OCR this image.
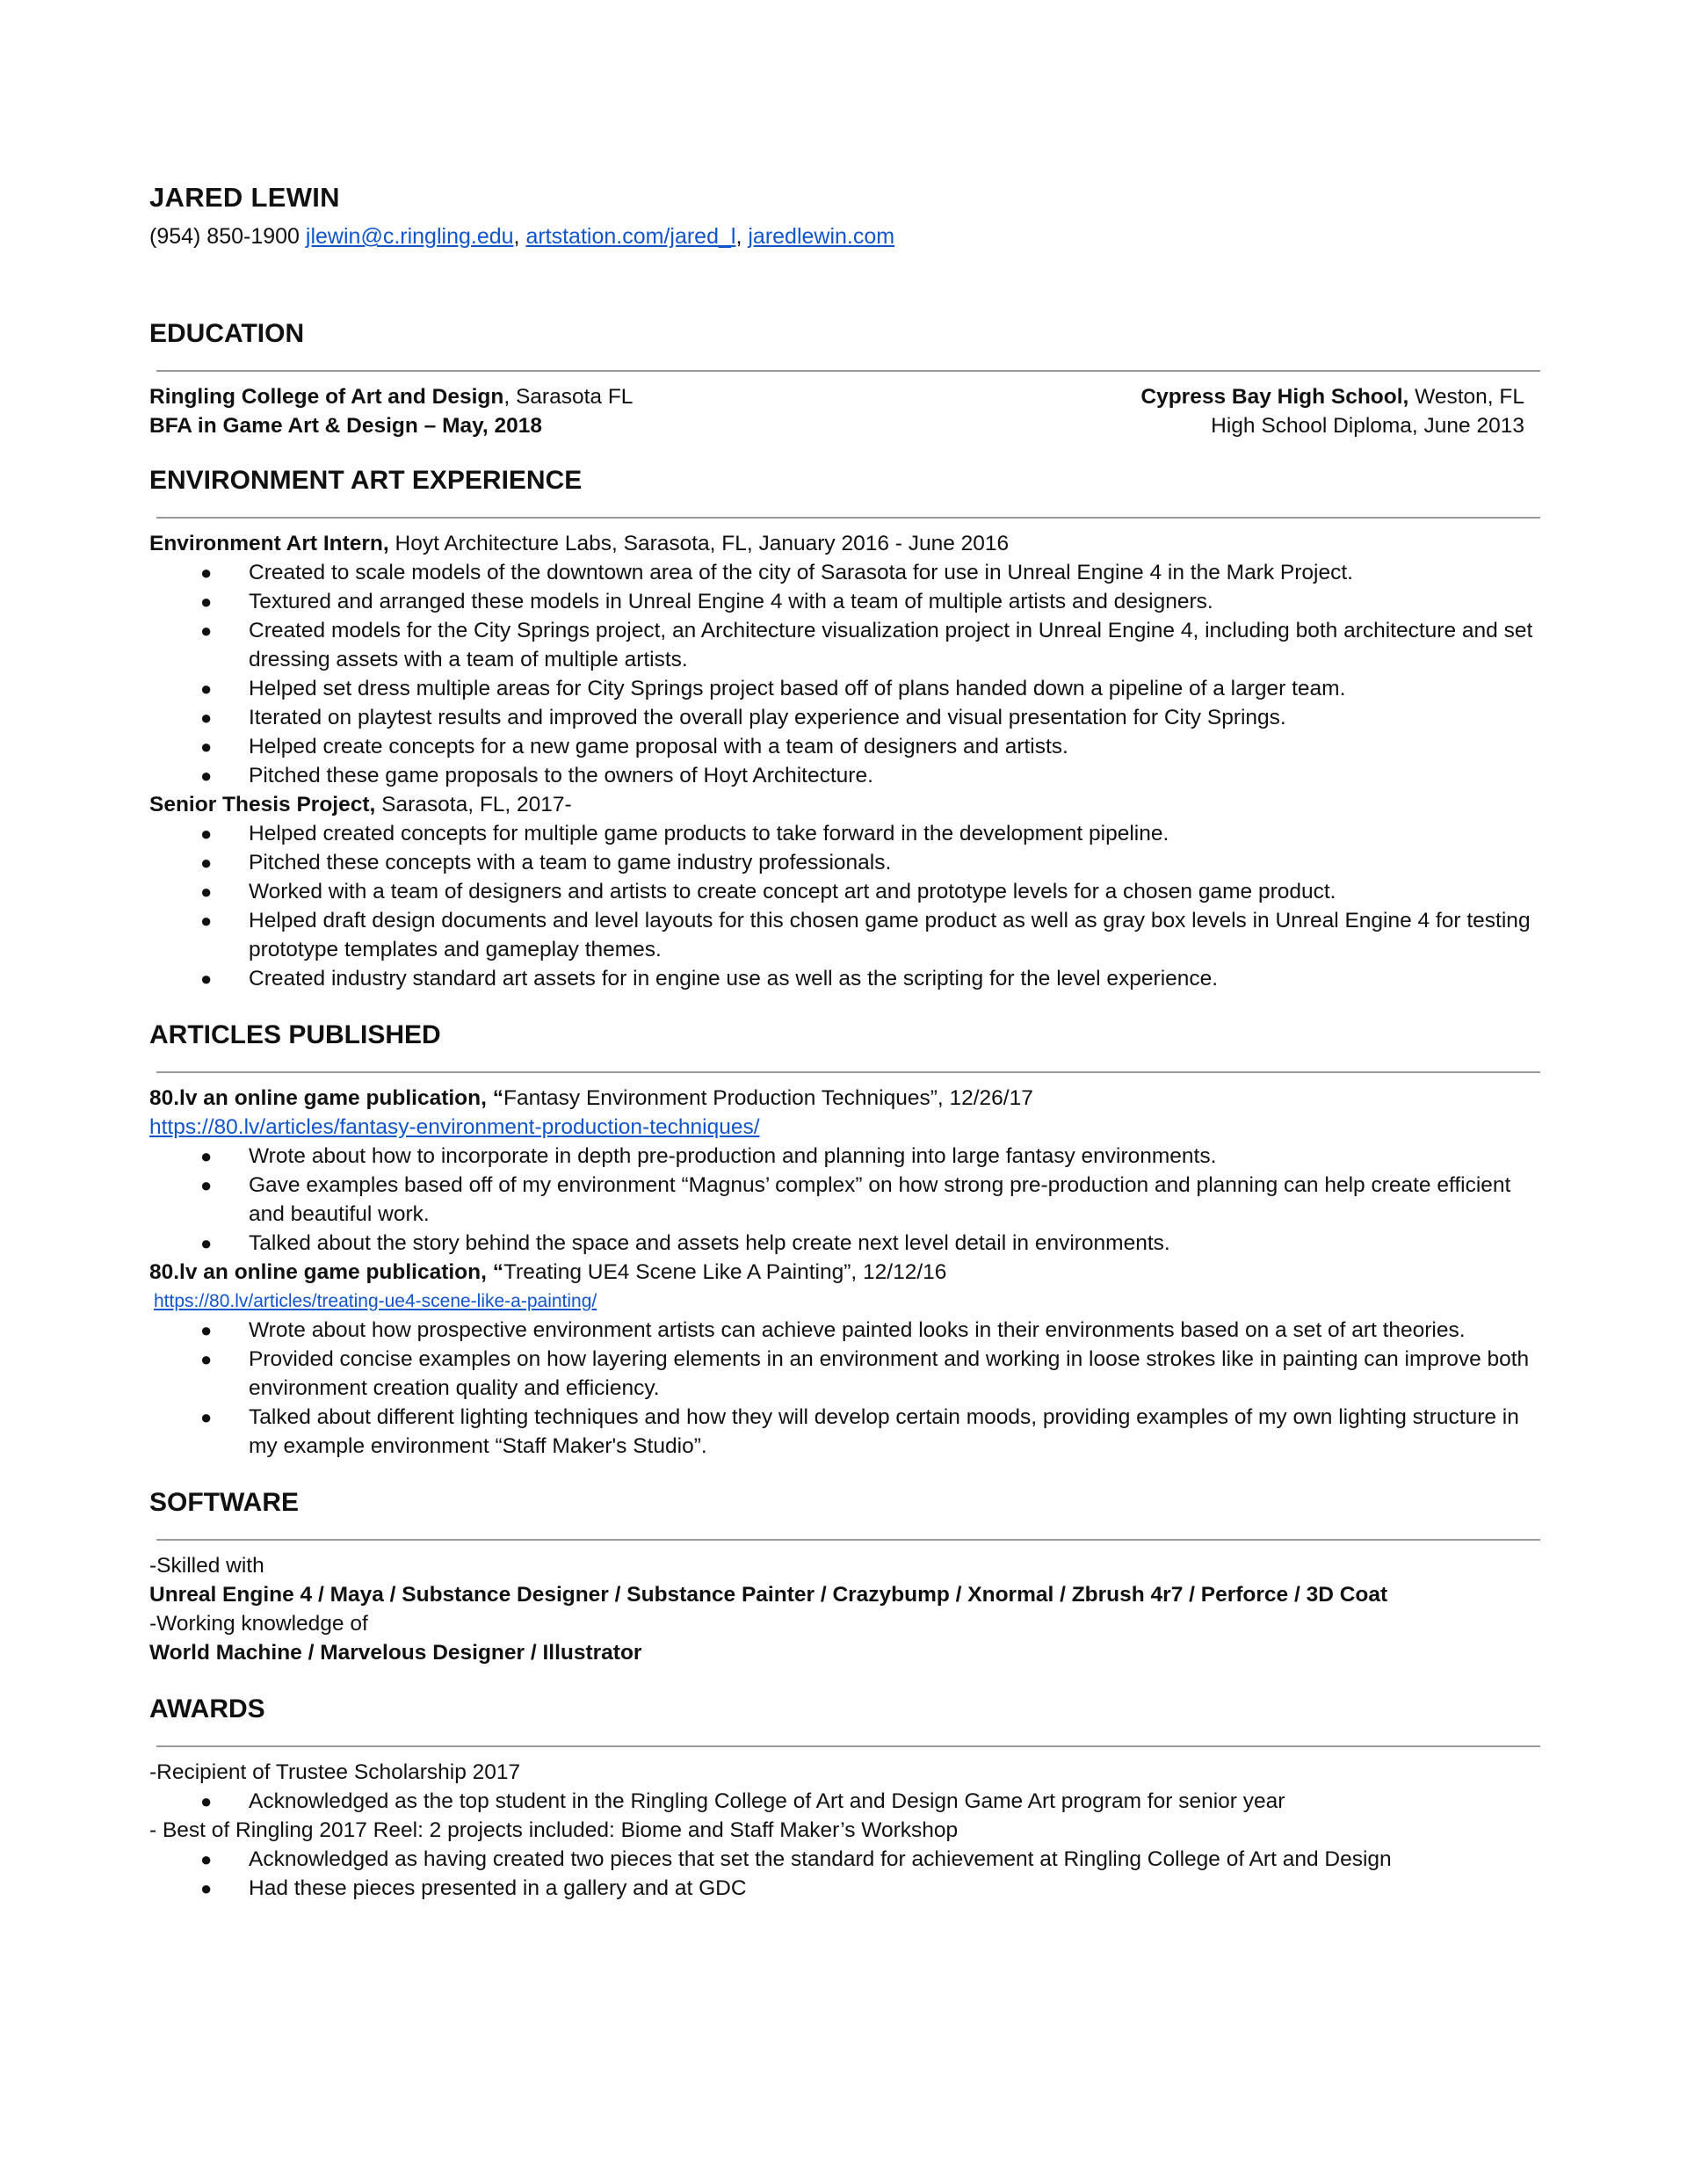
JARED LEWIN
(954) 850-1900 jlewin@c.ringling.edu, artstation.com/jared_l, jaredlewin.com
EDUCATION
Ringling College of Art and Design, Sarasota FL
BFA in Game Art & Design – May, 2018
Cypress Bay High School, Weston, FL
High School Diploma, June 2013
ENVIRONMENT ART EXPERIENCE
Environment Art Intern, Hoyt Architecture Labs, Sarasota, FL, January 2016 - June 2016
● Created to scale models of the downtown area of the city of Sarasota for use in Unreal Engine 4 in the Mark Project.
● Textured and arranged these models in Unreal Engine 4 with a team of multiple artists and designers.
● Created models for the City Springs project, an Architecture visualization project in Unreal Engine 4, including both architecture and set dressing assets with a team of multiple artists.
● Helped set dress multiple areas for City Springs project based off of plans handed down a pipeline of a larger team.
● Iterated on playtest results and improved the overall play experience and visual presentation for City Springs.
● Helped create concepts for a new game proposal with a team of designers and artists.
● Pitched these game proposals to the owners of Hoyt Architecture.
Senior Thesis Project, Sarasota, FL, 2017-
● Helped created concepts for multiple game products to take forward in the development pipeline.
● Pitched these concepts with a team to game industry professionals.
● Worked with a team of designers and artists to create concept art and prototype levels for a chosen game product.
● Helped draft design documents and level layouts for this chosen game product as well as gray box levels in Unreal Engine 4 for testing prototype templates and gameplay themes.
● Created industry standard art assets for in engine use as well as the scripting for the level experience.
ARTICLES PUBLISHED
80.lv an online game publication, “Fantasy Environment Production Techniques”, 12/26/17
https://80.lv/articles/fantasy-environment-production-techniques/
● Wrote about how to incorporate in depth pre-production and planning into large fantasy environments.
● Gave examples based off of my environment “Magnus’ complex” on how strong pre-production and planning can help create efficient and beautiful work.
● Talked about the story behind the space and assets help create next level detail in environments.
80.lv an online game publication, “Treating UE4 Scene Like A Painting”, 12/12/16
https://80.lv/articles/treating-ue4-scene-like-a-painting/
● Wrote about how prospective environment artists can achieve painted looks in their environments based on a set of art theories.
● Provided concise examples on how layering elements in an environment and working in loose strokes like in painting can improve both environment creation quality and efficiency.
● Talked about different lighting techniques and how they will develop certain moods, providing examples of my own lighting structure in my example environment “Staff Maker's Studio”.
SOFTWARE
-Skilled with
Unreal Engine 4 / Maya / Substance Designer / Substance Painter / Crazybump / Xnormal / Zbrush 4r7 / Perforce / 3D Coat
-Working knowledge of
World Machine / Marvelous Designer / Illustrator
AWARDS
-Recipient of Trustee Scholarship 2017
● Acknowledged as the top student in the Ringling College of Art and Design Game Art program for senior year
- Best of Ringling 2017 Reel: 2 projects included: Biome and Staff Maker’s Workshop
● Acknowledged as having created two pieces that set the standard for achievement at Ringling College of Art and Design
● Had these pieces presented in a gallery and at GDC
